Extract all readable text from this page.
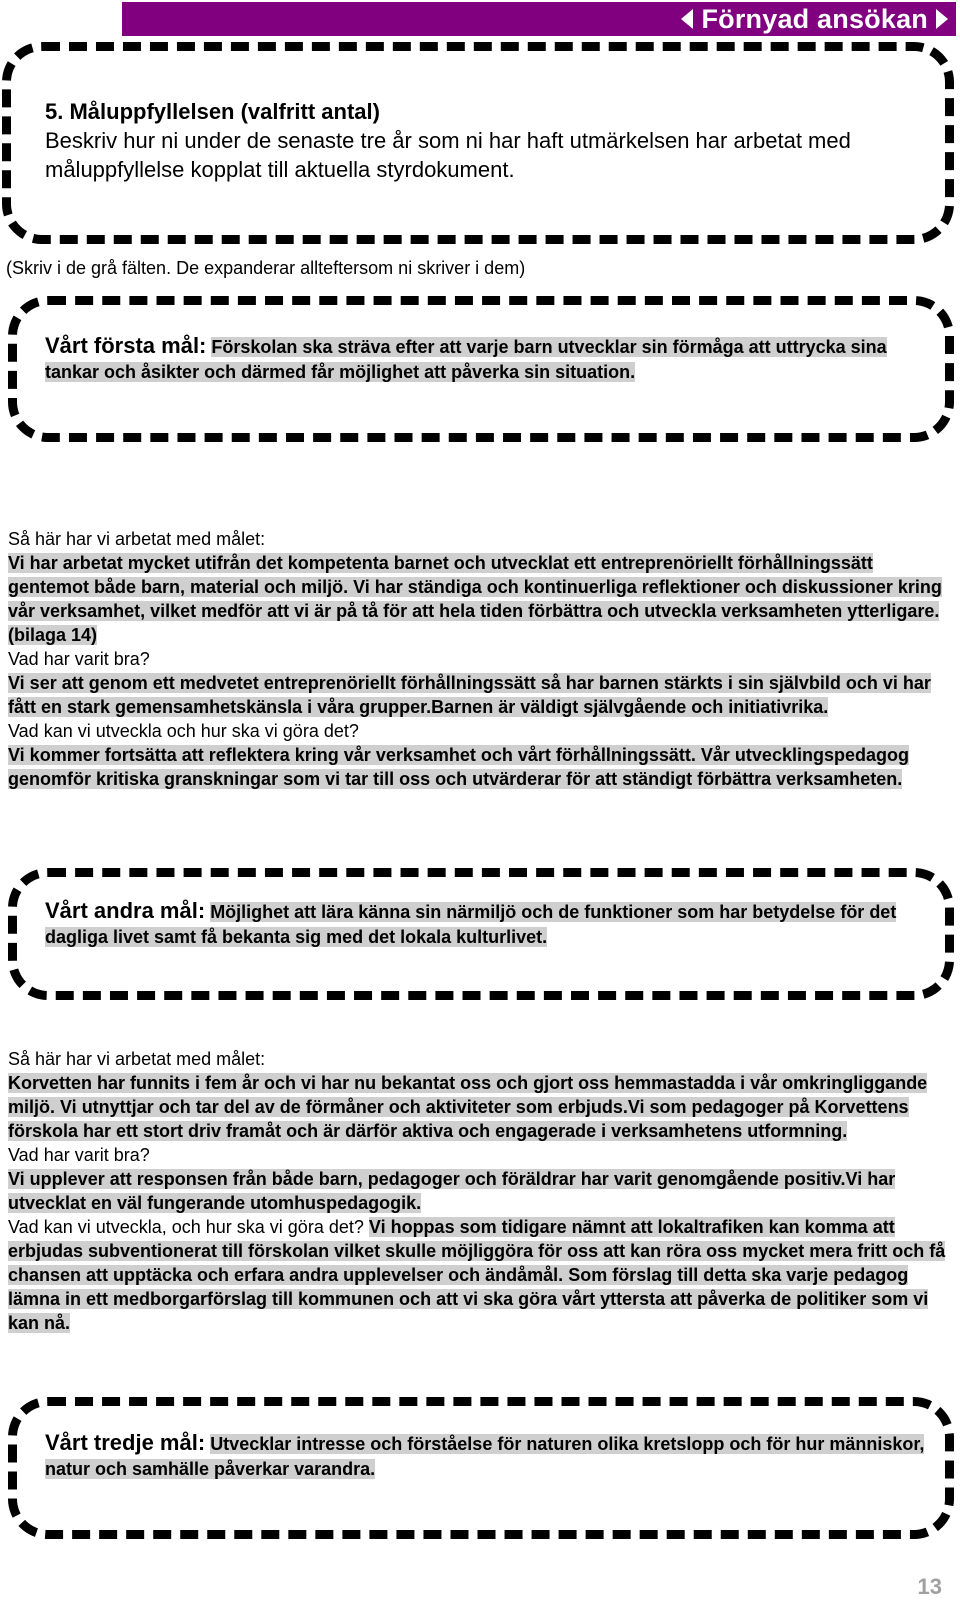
Förnyad ansökan
5. Måluppfyllelsen (valfritt antal)
Beskriv hur ni under de senaste tre år som ni har haft utmärkelsen har arbetat med måluppfyllelse kopplat till aktuella styrdokument.
(Skriv i de grå fälten. De expanderar allteftersom ni skriver i dem)
Vårt första mål: Förskolan ska sträva efter att varje barn utvecklar sin förmåga att uttrycka sina tankar och åsikter och därmed får möjlighet att påverka sin situation.
Så här har vi arbetat med målet:
Vi har arbetat mycket utifrån det kompetenta barnet och utvecklat ett entreprenöriellt förhållningssätt gentemot både barn, material och miljö. Vi har ständiga och kontinuerliga reflektioner och diskussioner kring vår verksamhet, vilket medför att vi är på tå för att hela tiden förbättra och utveckla verksamheten ytterligare. (bilaga 14)
Vad har varit bra?
Vi ser att genom ett medvetet entreprenöriellt förhållningssätt så har barnen stärkts i sin självbild och vi har fått en stark gemensamhetskänsla i våra grupper.Barnen är väldigt självgående och initiativrika.
Vad kan vi utveckla och hur ska vi göra det?
Vi kommer fortsätta att reflektera kring vår verksamhet och vårt förhållningssätt. Vår utvecklingspedagog genomför kritiska granskningar som vi tar till oss och utvärderar för att ständigt förbättra verksamheten.
Vårt andra mål: Möjlighet att lära känna sin närmiljö och de funktioner som har betydelse för det dagliga livet samt få bekanta sig med det lokala kulturlivet.
Så här har vi arbetat med målet:
Korvetten har funnits i fem år och vi har nu bekantat oss och gjort oss hemmastadda i vår omkringliggande miljö. Vi utnyttjar och tar del av de förmåner och aktiviteter som erbjuds.Vi som pedagoger på Korvettens förskola har ett stort driv framåt och är därför aktiva och engagerade i verksamhetens utformning.
Vad har varit bra?
Vi upplever att responsen från både barn, pedagoger och föräldrar har varit genomgående positiv.Vi har utvecklat en väl fungerande utomhuspedagogik.
Vad kan vi utveckla, och hur ska vi göra det? Vi hoppas som tidigare nämnt att lokaltrafiken kan komma att erbjudas subventionerat till förskolan vilket skulle möjliggöra för oss att kan röra oss mycket mera fritt och få chansen att upptäcka och erfara andra upplevelser och ändåmål. Som förslag till detta ska varje pedagog lämna in ett medborgarförslag till kommunen och att vi ska göra vårt yttersta att påverka de politiker som vi kan nå.
Vårt tredje mål: Utvecklar intresse och förståelse för naturen olika kretslopp och för hur människor, natur och samhälle påverkar varandra.
13
